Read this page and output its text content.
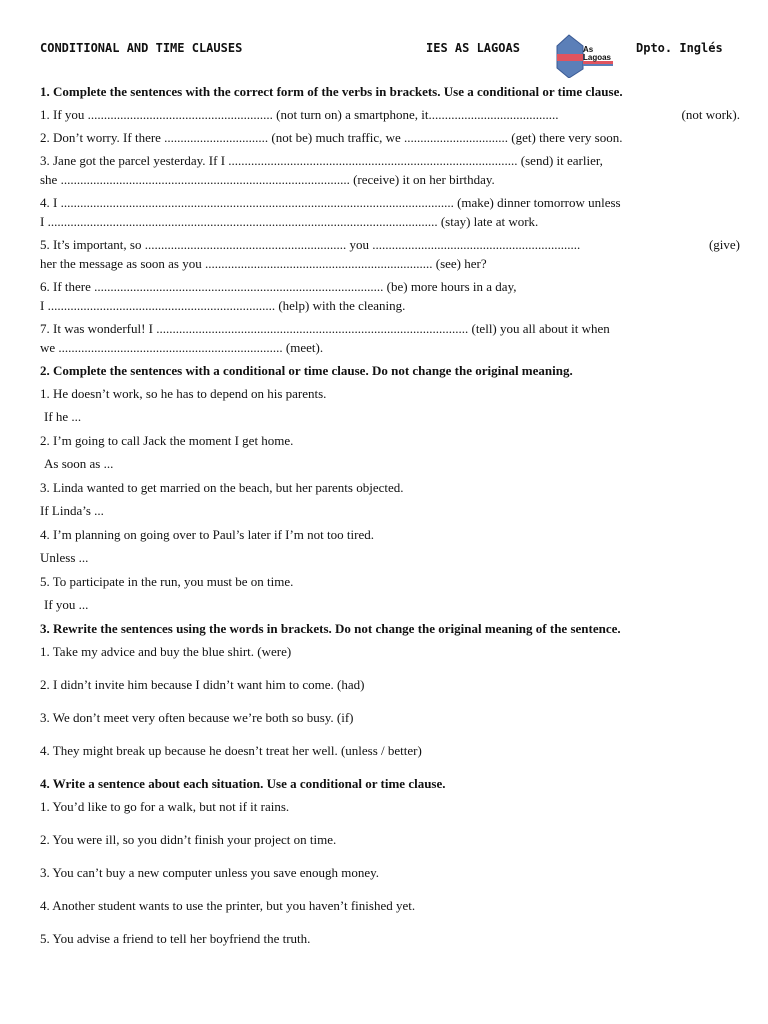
CONDITIONAL AND TIME CLAUSES	IES AS LAGOAS	As
Lagoas
Dpto. Inglés
1. Complete the sentences with the correct form of the verbs in brackets. Use a conditional or time clause.
1. If you ......................................................... (not turn on) a smartphone, it........................................	(not work).
2. Don’t worry. If there ................................ (not be) much traffic, we ................................ (get) there very soon.
3. Jane got the parcel yesterday. If I ......................................................................................... (send) it earlier,
she ......................................................................................... (receive) it on her birthday.
4. I ......................................................................................................................... (make) dinner tomorrow unless
I ........................................................................................................................ (stay) late at work.
5. It’s important, so .............................................................. you ................................................................	(give)
her the message as soon as you ...................................................................... (see) her?
6. If there ......................................................................................... (be) more hours in a day,
I ...................................................................... (help) with the cleaning.
7. It was wonderful! I ................................................................................................ (tell) you all about it when
we ..................................................................... (meet).
2. Complete the sentences with a conditional or time clause. Do not change the original meaning.
1. He doesn’t work, so he has to depend on his parents.
If he ...
2. I’m going to call Jack the moment I get home.
As soon as ...
3. Linda wanted to get married on the beach, but her parents objected.
If Linda’s ...
4. I’m planning on going over to Paul’s later if I’m not too tired.
Unless ...
5. To participate in the run, you must be on time.
If you ...
3. Rewrite the sentences using the words in brackets. Do not change the original meaning of the sentence.
1. Take my advice and buy the blue shirt. (were)
2. I didn’t invite him because I didn’t want him to come. (had)
3. We don’t meet very often because we’re both so busy. (if)
4. They might break up because he doesn’t treat her well. (unless / better)
4. Write a sentence about each situation. Use a conditional or time clause.
1. You’d like to go for a walk, but not if it rains.
2. You were ill, so you didn’t finish your project on time.
3. You can’t buy a new computer unless you save enough money.
4. Another student wants to use the printer, but you haven’t finished yet.
5. You advise a friend to tell her boyfriend the truth.
